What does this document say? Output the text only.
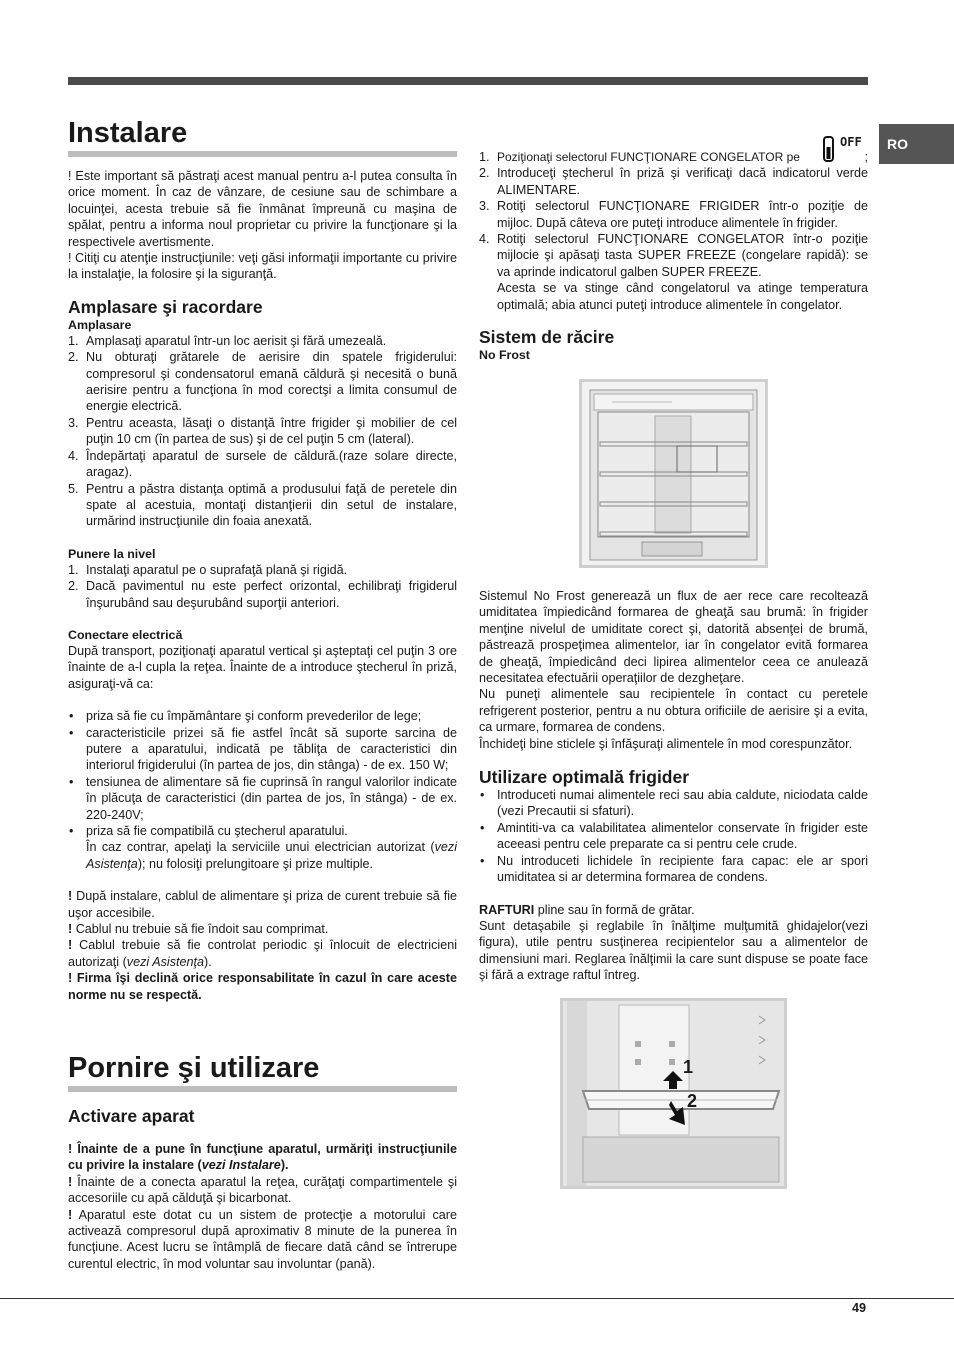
RO
Instalare

! Este important să păstraţi acest manual pentru a-l putea consulta în orice moment. În caz de vânzare, de cesiune sau de schimbare a locuinţei, acesta trebuie să fie înmânat împreună cu maşina de spălat, pentru a informa noul proprietar cu privire la funcţionare şi la respectivele avertismente.

! Citiţi cu atenţie instrucţiunile: veţi găsi informaţii importante cu privire la instalaţie, la folosire şi la siguranţă.

Amplasare şi racordare
Amplasare
1. Amplasaţi aparatul într-un loc aerisit şi fără umezeală.
2. Nu obturaţi grătarele de aerisire din spatele frigiderului: compresorul şi condensatorul emană căldură şi necesită o bună aerisire pentru a funcţiona în mod corectşi a limita consumul de energie electrică.
3. Pentru aceasta, lăsaţi o distanţă între frigider şi mobilier de cel puţin 10 cm (în partea de sus) şi de cel puţin 5 cm (lateral).
4. Îndepărtaţi aparatul de sursele de căldură.(raze solare directe, aragaz).
5. Pentru a păstra distanţa optimă a produsului faţă de peretele din spate al acestuia, montaţi distanţierii din setul de instalare, urmărind instrucţiunile din foaia anexată.
Punere la nivel
1. Instalaţi aparatul pe o suprafaţă plană şi rigidă.
2. Dacă pavimentul nu este perfect orizontal, echilibraţi frigiderul înşurubând sau deşurubând suporţii anteriori.
Conectare electrică

După transport, poziţionaţi aparatul vertical şi aşteptaţi cel puţin 3 ore înainte de a-l cupla la reţea. Înainte de a introduce ştecherul în priză, asiguraţi-vă ca:

• priza să fie cu împământare şi conform prevederilor de lege;
• caracteristicile prizei să fie astfel încât să suporte sarcina de putere a aparatului, indicată pe tăbliţa de caracteristici din interiorul frigiderului (în partea de jos, din stânga) - de ex. 150 W;
• tensiunea de alimentare să fie cuprinsă în rangul valorilor indicate în plăcuţa de caracteristici (din partea de jos, în stânga) - de ex. 220-240V;
• priza să fie compatibilă cu ştecherul aparatului.
În caz contrar, apelaţi la serviciile unui electrician autorizat (vezi Asistenţa); nu folosiţi prelungitoare şi prize multiple.

! După instalare, cablul de alimentare şi priza de curent trebuie să fie uşor accesibile.

! Cablul nu trebuie să fie îndoit sau comprimat.

! Cablul trebuie să fie controlat periodic şi înlocuit de electricieni autorizaţi (vezi Asistenţa).

! Firma îşi declină orice responsabilitate în cazul în care aceste norme nu se respectă.

Pornire şi utilizare
Activare aparat

! Înainte de a pune în funcţiune aparatul, urmăriţi instrucţiunile cu privire la instalare (vezi Instalare).

! Înainte de a conecta aparatul la reţea, curăţaţi compartimentele şi accesoriile cu apă călduţă şi bicarbonat.

! Aparatul este dotat cu un sistem de protecţie a motorului care activează compresorul după aproximativ 8 minute de la punerea în funcţiune. Acest lucru se întâmplă de fiecare dată când se întrerupe curentul electric, în mod voluntar sau involuntar (pană).

OFF
1. Poziţionaţi selectorul FUNCŢIONARE CONGELATOR pe	;
2. Introduceţi ştecherul în priză şi verificaţi dacă indicatorul verde ALIMENTARE.
3. Rotiţi selectorul FUNCŢIONARE FRIGIDER într-o poziţie de mijloc. După câteva ore puteţi introduce alimentele în frigider.
4. Rotiţi selectorul FUNCŢIONARE CONGELATOR într-o poziţie mijlocie şi apăsaţi tasta SUPER FREEZE (congelare rapidă): se va aprinde indicatorul galben SUPER FREEZE.
Acesta se va stinge când congelatorul va atinge temperatura optimală; abia atunci puteţi introduce alimentele în congelator.
Sistem de răcire
No Frost

Sistemul No Frost generează un flux de aer rece care recoltează umiditatea împiedicând formarea de gheaţă sau brumă: în frigider menţine nivelul de umiditate corect şi, datorită absenţei de brumă, păstrează prospeţimea alimentelor, iar în congelator evită formarea de gheaţă, împiedicând deci lipirea alimentelor ceea ce anulează necesitatea efectuării operaţiilor de dezgheţare.

Nu puneţi alimentele sau recipientele în contact cu peretele refrigerent posterior, pentru a nu obtura orificiile de aerisire şi a evita, ca urmare, formarea de condens.

Închideţi bine sticlele şi înfăşuraţi alimentele în mod corespunzător.

Utilizare optimală frigider
• Introduceti numai alimentele reci sau abia caldute, niciodata calde (vezi Precautii si sfaturi).
• Amintiti-va ca valabilitatea alimentelor conservate în frigider este aceeasi pentru cele preparate ca si pentru cele crude.
• Nu introduceti lichidele în recipiente fara capac: ele ar spori umiditatea si ar determina formarea de condens.

RAFTURI pline sau în formă de grătar.

Sunt detaşabile şi reglabile în înălţime mulţumită ghidajelor(vezi figura), utile pentru susţinerea recipientelor sau a alimentelor de dimensiuni mari. Reglarea înălţimii la care sunt dispuse se poate face şi fără a extrage raftul întreg.

1
2
49
